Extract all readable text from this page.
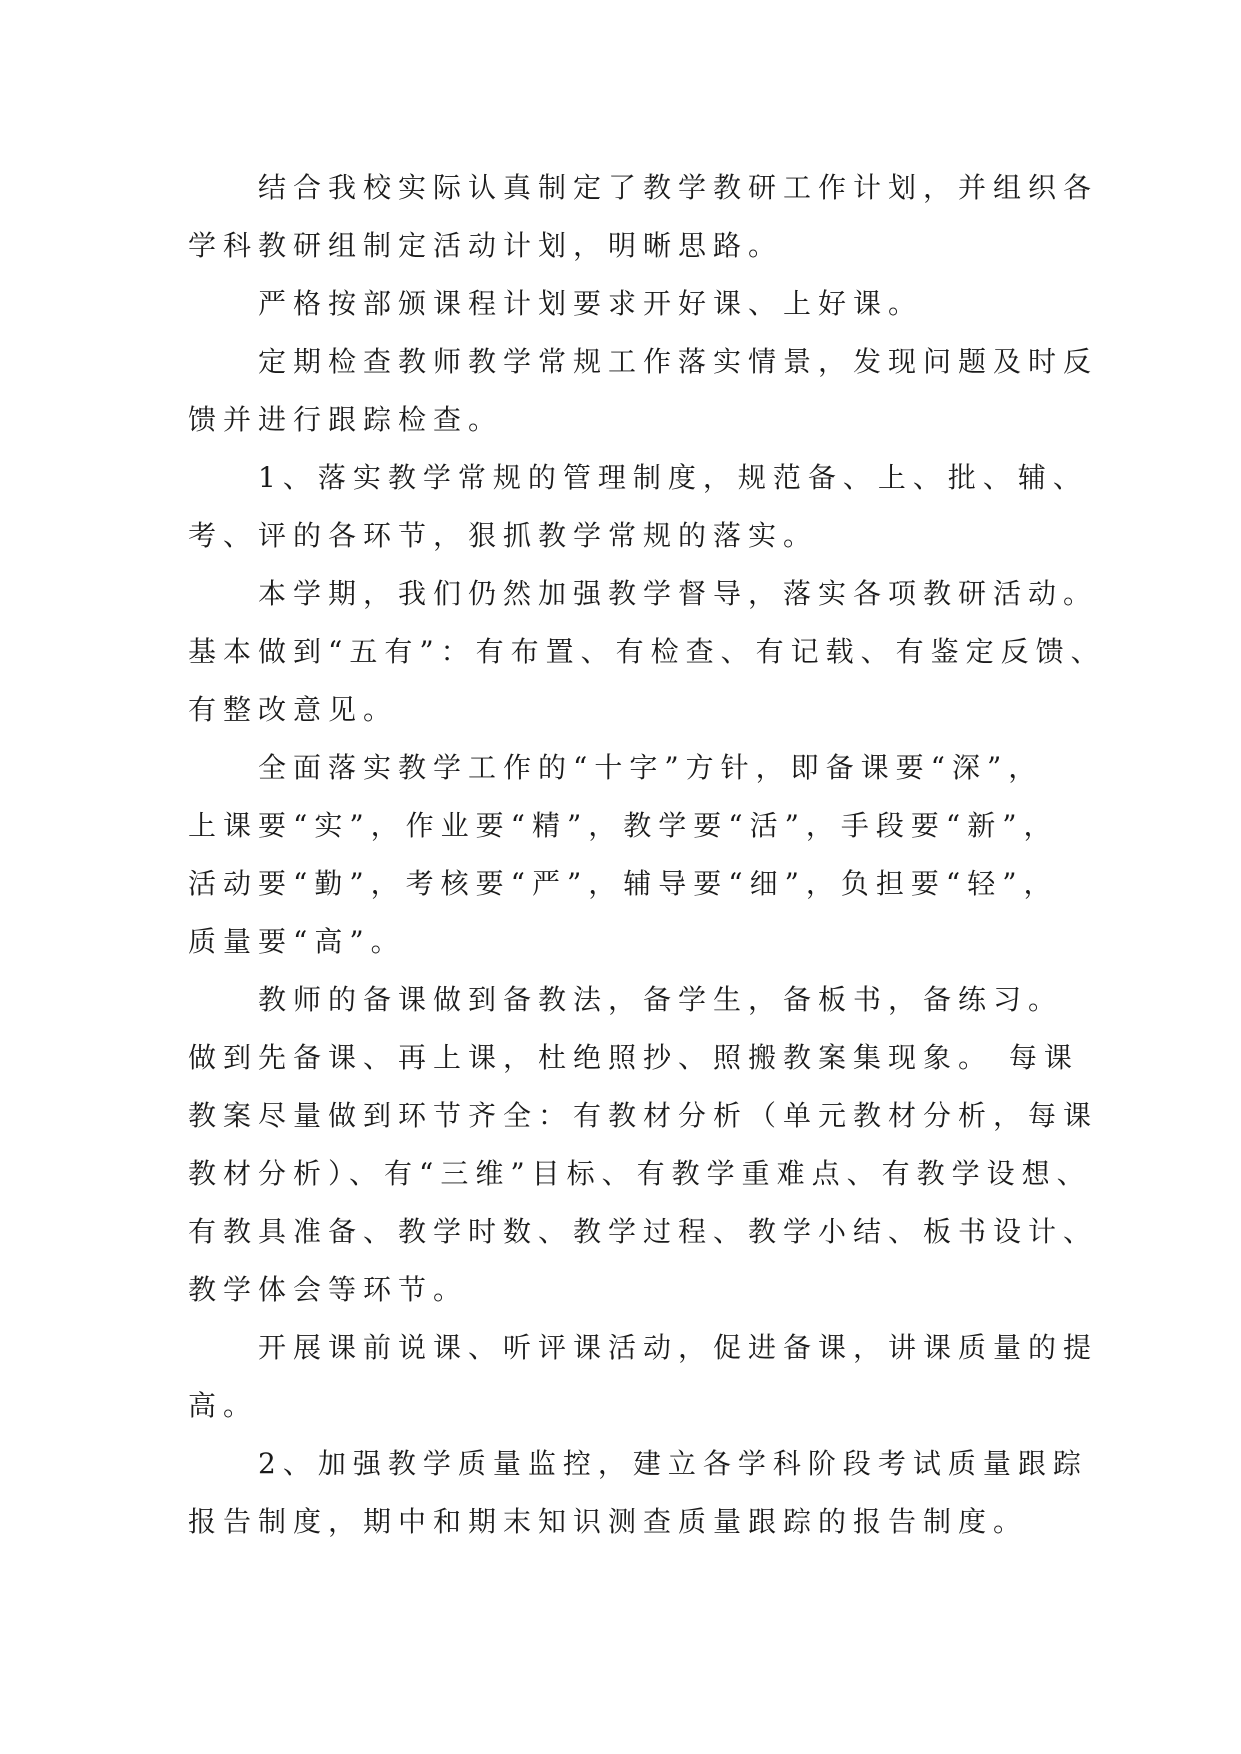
结合我校实际认真制定了教学教研工作计划，并组织各
学科教研组制定活动计划，明晰思路。
严格按部颁课程计划要求开好课、上好课。
定期检查教师教学常规工作落实情景，发现问题及时反
馈并进行跟踪检查。
1、落实教学常规的管理制度，规范备、上、批、辅、
考、评的各环节，狠抓教学常规的落实。
本学期，我们仍然加强教学督导，落实各项教研活动。
基本做到“五有”：有布置、有检查、有记载、有鉴定反馈、
有整改意见。
全面落实教学工作的“十字”方针，即备课要“深”，
上课要“实”，作业要“精”，教学要“活”，手段要“新”，
活动要“勤”，考核要“严”，辅导要“细”，负担要“轻”，
质量要“高”。
教师的备课做到备教法，备学生，备板书，备练习。
做到先备课、再上课，杜绝照抄、照搬教案集现象。 每课
教案尽量做到环节齐全：有教材分析（单元教材分析，每课
教材分析）、有“三维”目标、有教学重难点、有教学设想、
有教具准备、教学时数、教学过程、教学小结、板书设计、
教学体会等环节。
开展课前说课、听评课活动，促进备课，讲课质量的提
高。
2、加强教学质量监控，建立各学科阶段考试质量跟踪
报告制度，期中和期末知识测查质量跟踪的报告制度。
